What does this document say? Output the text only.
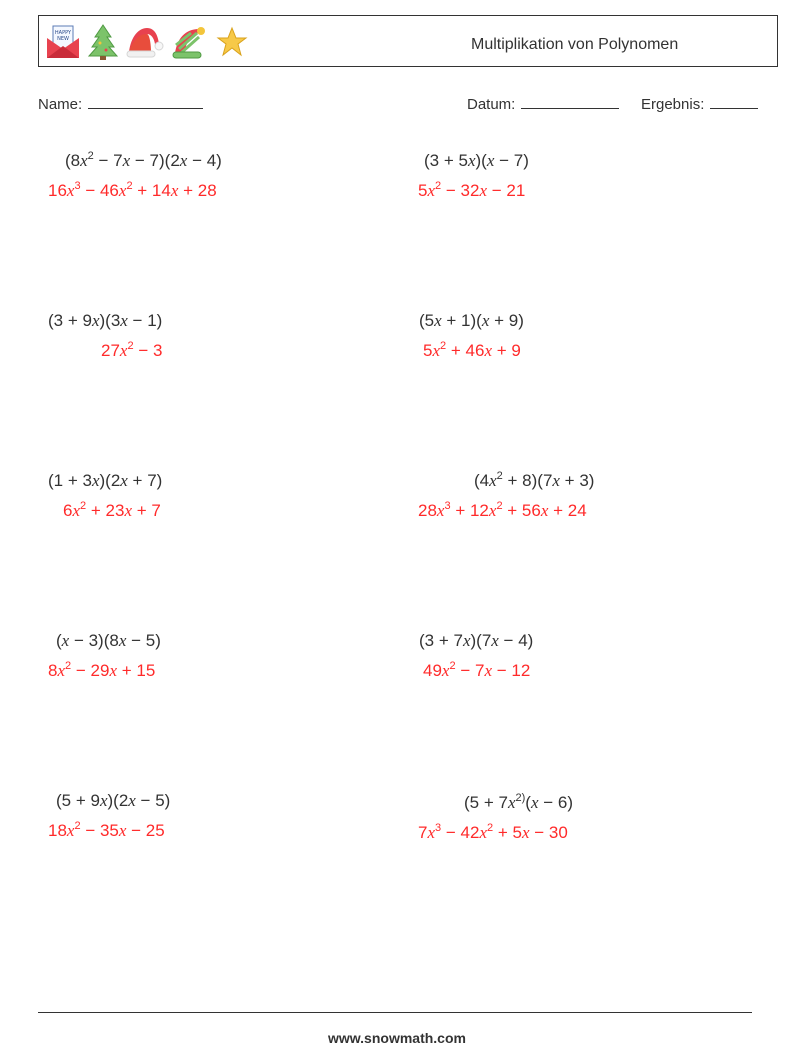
HAPPY
NEW	Multiplikation von Polynomen
Name:	Datum:	Ergebnis:
$(8x^2 - 7x - 7)(2x - 4)$
$16x^3 - 46x^2 + 14x + 28$
(3 + 5x)(x − 7)
$5x^2 - 32x - 21$
(3 + 9x)(3x − 1)
$27x^2 - 3$
(5x + 1)(x + 9)
$5x^2 + 46x + 9$
(1 + 3x)(2x + 7)
$6x^2 + 23x + 7$
$(4x^2 + 8)(7x + 3)$
$28x^3 + 12x^2 + 56x + 24$
(x − 3)(8x − 5)
$8x^2 - 29x + 15$
(3 + 7x)(7x − 4)
$49x^2 - 7x - 12$
(5 + 9x)(2x − 5)
$18x^2 - 35x - 25$
($5 + 7x^{2)}(x - 6)$
$7x^3 - 42x^2 + 5x - 30$
www.snowmath.com
